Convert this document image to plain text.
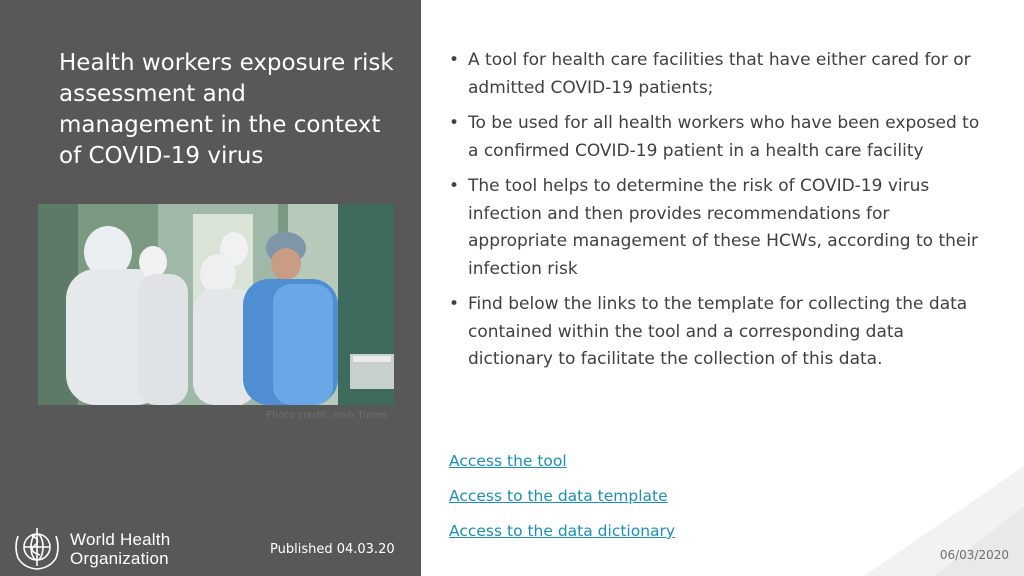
Health workers exposure risk assessment and management in the context of COVID-19 virus
Photo credit: Irish Times
World Health
Organization	Published 04.03.20
• A tool for health care facilities that have either cared for or admitted COVID-19 patients;
• To be used for all health workers who have been exposed to a confirmed COVID-19 patient in a health care facility
• The tool helps to determine the risk of COVID-19 virus infection and then provides recommendations for appropriate management of these HCWs, according to their infection risk
• Find below the links to the template for collecting the data contained within the tool and a corresponding data dictionary to facilitate the collection of this data.
Access the tool
Access to the data template
Access to the data dictionary
06/03/2020
